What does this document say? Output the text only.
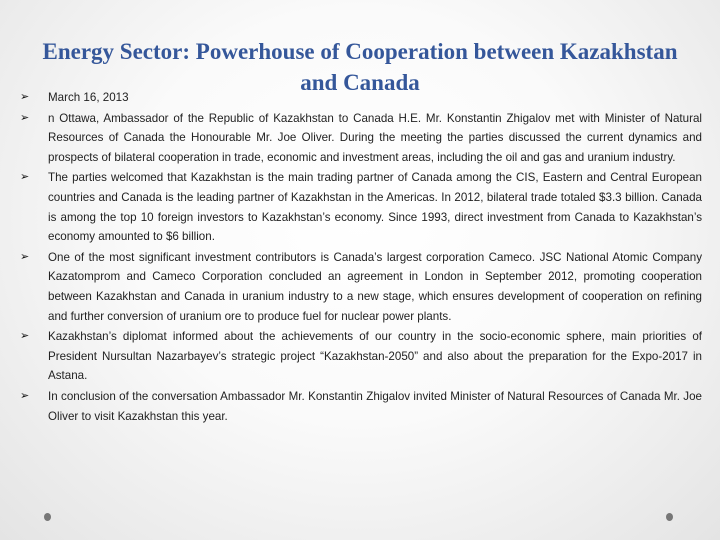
➢ March 16, 2013
➢ n Ottawa, Ambassador of the Republic of Kazakhstan to Canada H.E. Mr. Konstantin Zhigalov met with Minister of Natural Resources of Canada the Honourable Mr. Joe Oliver. During the meeting the parties discussed the current dynamics and prospects of bilateral cooperation in trade, economic and investment areas, including the oil and gas and uranium industry.
➢ The parties welcomed that Kazakhstan is the main trading partner of Canada among the CIS, Eastern and Central European countries and Canada is the leading partner of Kazakhstan in the Americas. In 2012, bilateral trade totaled $3.3 billion. Canada is among the top 10 foreign investors to Kazakhstan’s economy. Since 1993, direct investment from Canada to Kazakhstan’s economy amounted to $6 billion.
➢ One of the most significant investment contributors is Canada’s largest corporation Cameco. JSC National Atomic Company Kazatomprom and Cameco Corporation concluded an agreement in London in September 2012, promoting cooperation between Kazakhstan and Canada in uranium industry to a new stage, which ensures development of cooperation on refining and further conversion of uranium ore to produce fuel for nuclear power plants.
➢ Kazakhstan’s diplomat informed about the achievements of our country in the socio-economic sphere, main priorities of President Nursultan Nazarbayev’s strategic project “Kazakhstan-2050” and also about the preparation for the Expo-2017 in Astana.
➢ In conclusion of the conversation Ambassador Mr. Konstantin Zhigalov invited Minister of Natural Resources of Canada Mr. Joe Oliver to visit Kazakhstan this year.
Energy Sector: Powerhouse of Cooperation between Kazakhstan and Canada
